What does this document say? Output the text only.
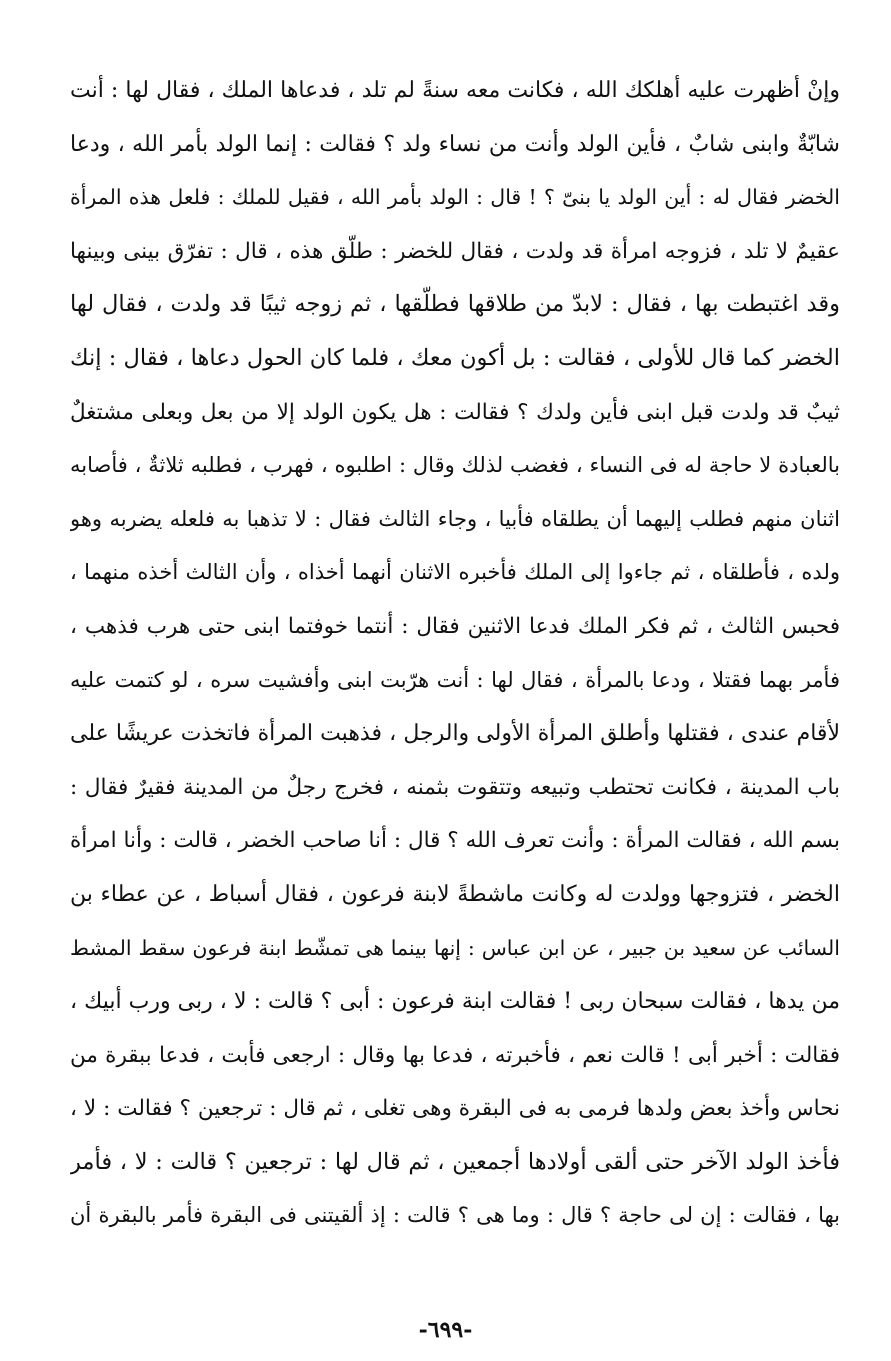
وإنْ أظهرت عليه أهلكك الله ، فكانت معه سنةً لم تلد ، فدعاها الملك ، فقال لها : أنت
شابّةٌ وابنى شابٌ ، فأين الولد وأنت من نساء ولد ؟ فقالت : إنما الولد بأمر الله ، ودعا
الخضر فقال له : أين الولد يا بنىّ ؟ ! قال : الولد بأمر الله ، فقيل للملك : فلعل هذه المرأة
عقيمٌ لا تلد ، فزوجه امرأة قد ولدت ، فقال للخضر : طلّق هذه ، قال : تفرّق بينى وبينها
وقد اغتبطت بها ، فقال : لابدّ من طلاقها فطلّقها ، ثم زوجه ثيبًا قد ولدت ، فقال لها
الخضر كما قال للأولى ، فقالت : بل أكون معك ، فلما كان الحول دعاها ، فقال : إنك
ثيبٌ قد ولدت قبل ابنى فأين ولدك ؟ فقالت : هل يكون الولد إلا من بعل وبعلى مشتغلٌ
بالعبادة لا حاجة له فى النساء ، فغضب لذلك وقال : اطلبوه ، فهرب ، فطلبه ثلاثةٌ ، فأصابه
اثنان منهم فطلب إليهما أن يطلقاه فأبيا ، وجاء الثالث فقال : لا تذهبا به فلعله يضربه وهو
ولده ، فأطلقاه ، ثم جاءوا إلى الملك فأخبره الاثنان أنهما أخذاه ، وأن الثالث أخذه منهما ،
فحبس الثالث ، ثم فكر الملك فدعا الاثنين فقال : أنتما خوفتما ابنى حتى هرب فذهب ،
فأمر بهما فقتلا ، ودعا بالمرأة ، فقال لها : أنت هرّبت ابنى وأفشيت سره ، لو كتمت عليه
لأقام عندى ، فقتلها وأطلق المرأة الأولى والرجل ، فذهبت المرأة فاتخذت عريشًا على
باب المدينة ، فكانت تحتطب وتبيعه وتتقوت بثمنه ، فخرج رجلٌ من المدينة فقيرٌ فقال :
بسم الله ، فقالت المرأة : وأنت تعرف الله ؟ قال : أنا صاحب الخضر ، قالت : وأنا امرأة
الخضر ، فتزوجها وولدت له وكانت ماشطةً لابنة فرعون ، فقال أسباط ، عن عطاء بن
السائب عن سعيد بن جبير ، عن ابن عباس : إنها بينما هى تمشّط ابنة فرعون سقط المشط
من يدها ، فقالت سبحان ربى ! فقالت ابنة فرعون : أبى ؟ قالت : لا ، ربى ورب أبيك ،
فقالت : أخبر أبى ! قالت نعم ، فأخبرته ، فدعا بها وقال : ارجعى فأبت ، فدعا ببقرة من
نحاس وأخذ بعض ولدها فرمى به فى البقرة وهى تغلى ، ثم قال : ترجعين ؟ فقالت : لا ،
فأخذ الولد الآخر حتى ألقى أولادها أجمعين ، ثم قال لها : ترجعين ؟ قالت : لا ، فأمر
بها ، فقالت : إن لى حاجة ؟ قال : وما هى ؟ قالت : إذ ألقيتنى فى البقرة فأمر بالبقرة أن
-٦٩٩-
